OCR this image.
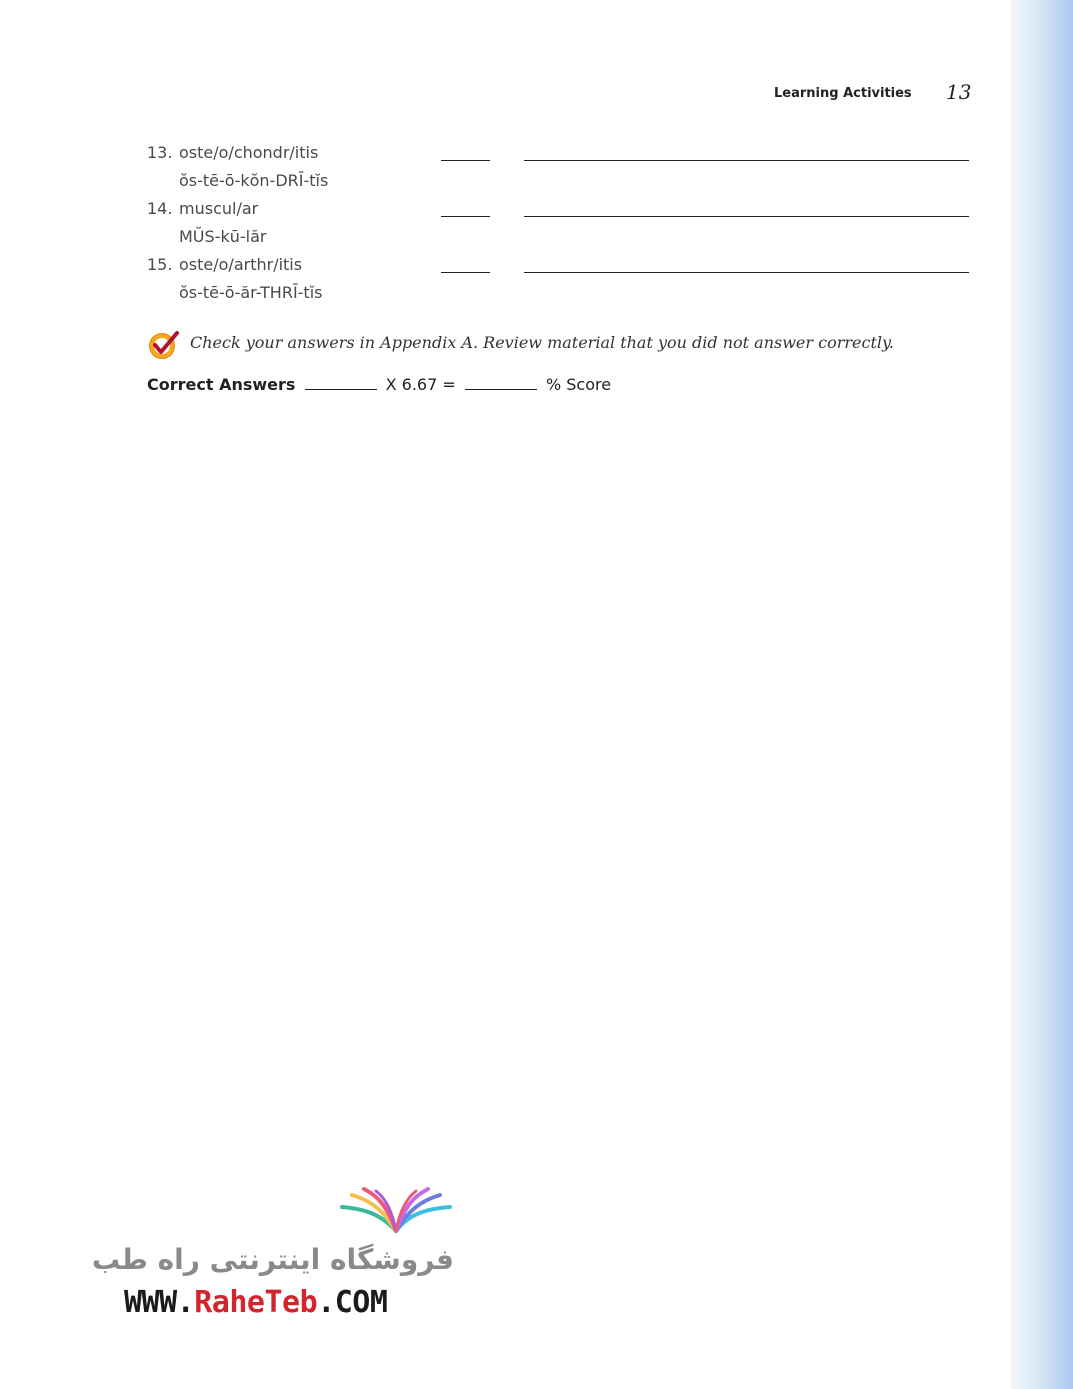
Learning Activities 13
13. oste/o/chondr/itis
ŏs-tē-ō-kŏn-DRĪ-tĭs
14. muscul/ar
MŬS-kū-lăr
15. oste/o/arthr/itis
ŏs-tē-ō-ăr-THRĪ-tĭs
Check your answers in Appendix A. Review material that you did not answer correctly.
Correct Answers	X 6.67 =	% Score
فروشگاه اینترنتی راه طب
WWW.RaheTeb.COM
